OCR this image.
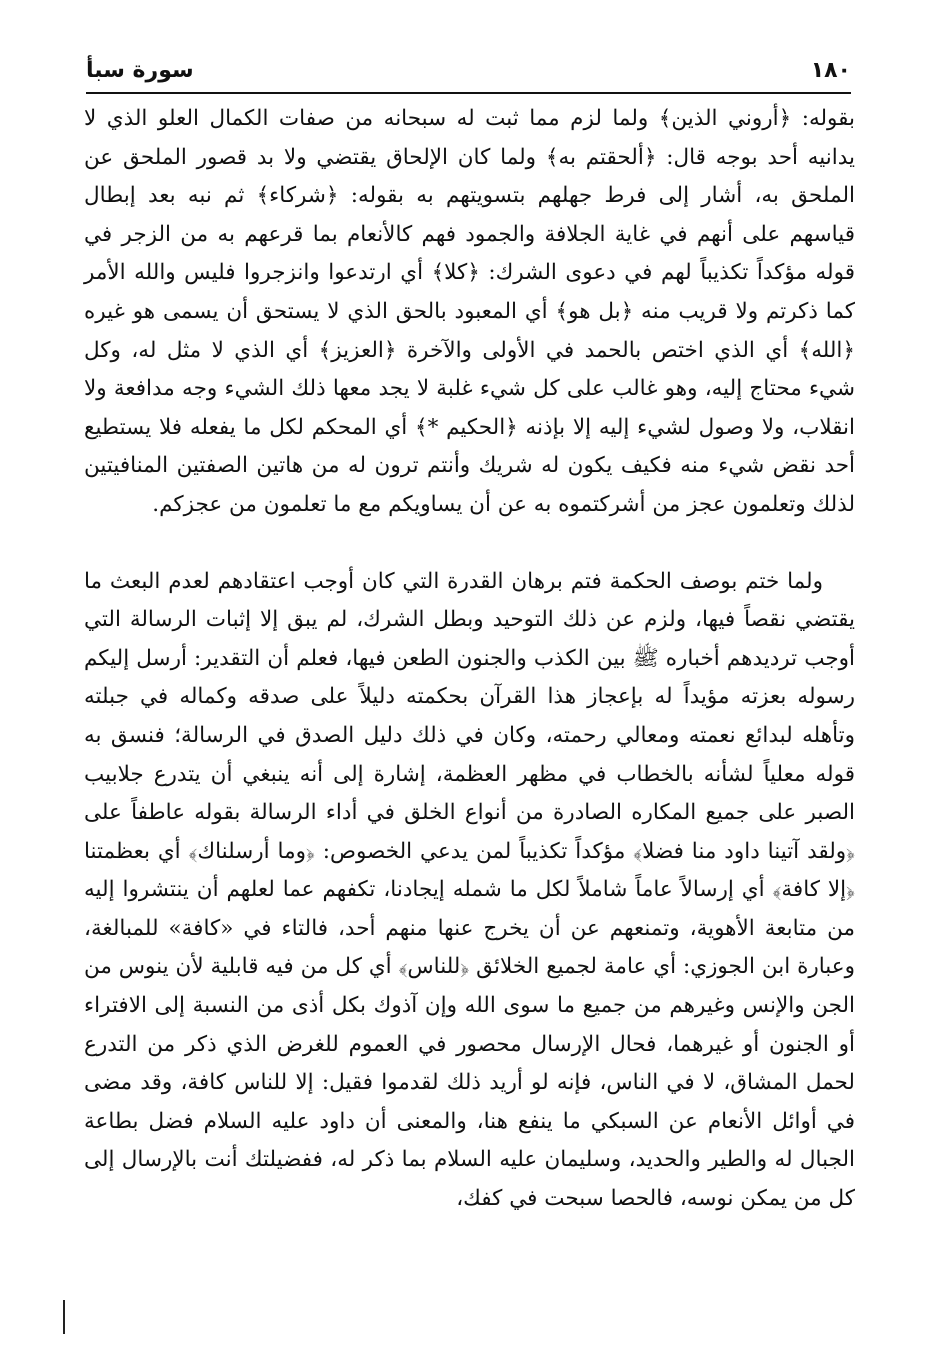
١٨٠
سورة سبأ

بقوله: ﴿أروني الذين﴾ ولما لزم مما ثبت له سبحانه من صفات الكمال العلو الذي لا يدانيه أحد بوجه قال: ﴿ألحقتم به﴾ ولما كان الإلحاق يقتضي ولا بد قصور الملحق عن الملحق به، أشار إلى فرط جهلهم بتسويتهم به بقوله: ﴿شركاء﴾ ثم نبه بعد إبطال قياسهم على أنهم في غاية الجلافة والجمود فهم كالأنعام بما قرعهم به من الزجر في قوله مؤكداً تكذيباً لهم في دعوى الشرك: ﴿كلا﴾ أي ارتدعوا وانزجروا فليس والله الأمر كما ذكرتم ولا قريب منه ﴿بل هو﴾ أي المعبود بالحق الذي لا يستحق أن يسمى هو غيره ﴿الله﴾ أي الذي اختص بالحمد في الأولى والآخرة ﴿العزيز﴾ أي الذي لا مثل له، وكل شيء محتاج إليه، وهو غالب على كل شيء غلبة لا يجد معها ذلك الشيء وجه مدافعة ولا انقلاب، ولا وصول لشيء إليه إلا بإذنه ﴿الحكيم *﴾ أي المحكم لكل ما يفعله فلا يستطيع أحد نقض شيء منه فكيف يكون له شريك وأنتم ترون له من هاتين الصفتين المنافيتين لذلك وتعلمون عجز من أشركتموه به عن أن يساويكم مع ما تعلمون من عجزكم.

ولما ختم بوصف الحكمة فتم برهان القدرة التي كان أوجب اعتقادهم لعدم البعث ما يقتضي نقصاً فيها، ولزم عن ذلك التوحيد وبطل الشرك، لم يبق إلا إثبات الرسالة التي أوجب ترديدهم أخباره ﷺ بين الكذب والجنون الطعن فيها، فعلم أن التقدير: أرسل إليكم رسوله بعزته مؤيداً له بإعجاز هذا القرآن بحكمته دليلاً على صدقه وكماله في جبلته وتأهله لبدائع نعمته ومعالي رحمته، وكان في ذلك دليل الصدق في الرسالة؛ فنسق به قوله معلياً لشأنه بالخطاب في مظهر العظمة، إشارة إلى أنه ينبغي أن يتدرع جلابيب الصبر على جميع المكاره الصادرة من أنواع الخلق في أداء الرسالة بقوله عاطفاً على ﴿ولقد آتينا داود منا فضلا﴾ مؤكداً تكذيباً لمن يدعي الخصوص: ﴿وما أرسلناك﴾ أي بعظمتنا ﴿إلا كافة﴾ أي إرسالاً عاماً شاملاً لكل ما شمله إيجادنا، تكفهم عما لعلهم أن ينتشروا إليه من متابعة الأهوية، وتمنعهم عن أن يخرج عنها منهم أحد، فالتاء في «كافة» للمبالغة، وعبارة ابن الجوزي: أي عامة لجميع الخلائق ﴿للناس﴾ أي كل من فيه قابلية لأن ينوس من الجن والإنس وغيرهم من جميع ما سوى الله وإن آذوك بكل أذى من النسبة إلى الافتراء أو الجنون أو غيرهما، فحال الإرسال محصور في العموم للغرض الذي ذكر من التدرع لحمل المشاق، لا في الناس، فإنه لو أريد ذلك لقدموا فقيل: إلا للناس كافة، وقد مضى في أوائل الأنعام عن السبكي ما ينفع هنا، والمعنى أن داود عليه السلام فضل بطاعة الجبال له والطير والحديد، وسليمان عليه السلام بما ذكر له، ففضيلتك أنت بالإرسال إلى كل من يمكن نوسه، فالحصا سبحت في كفك،
